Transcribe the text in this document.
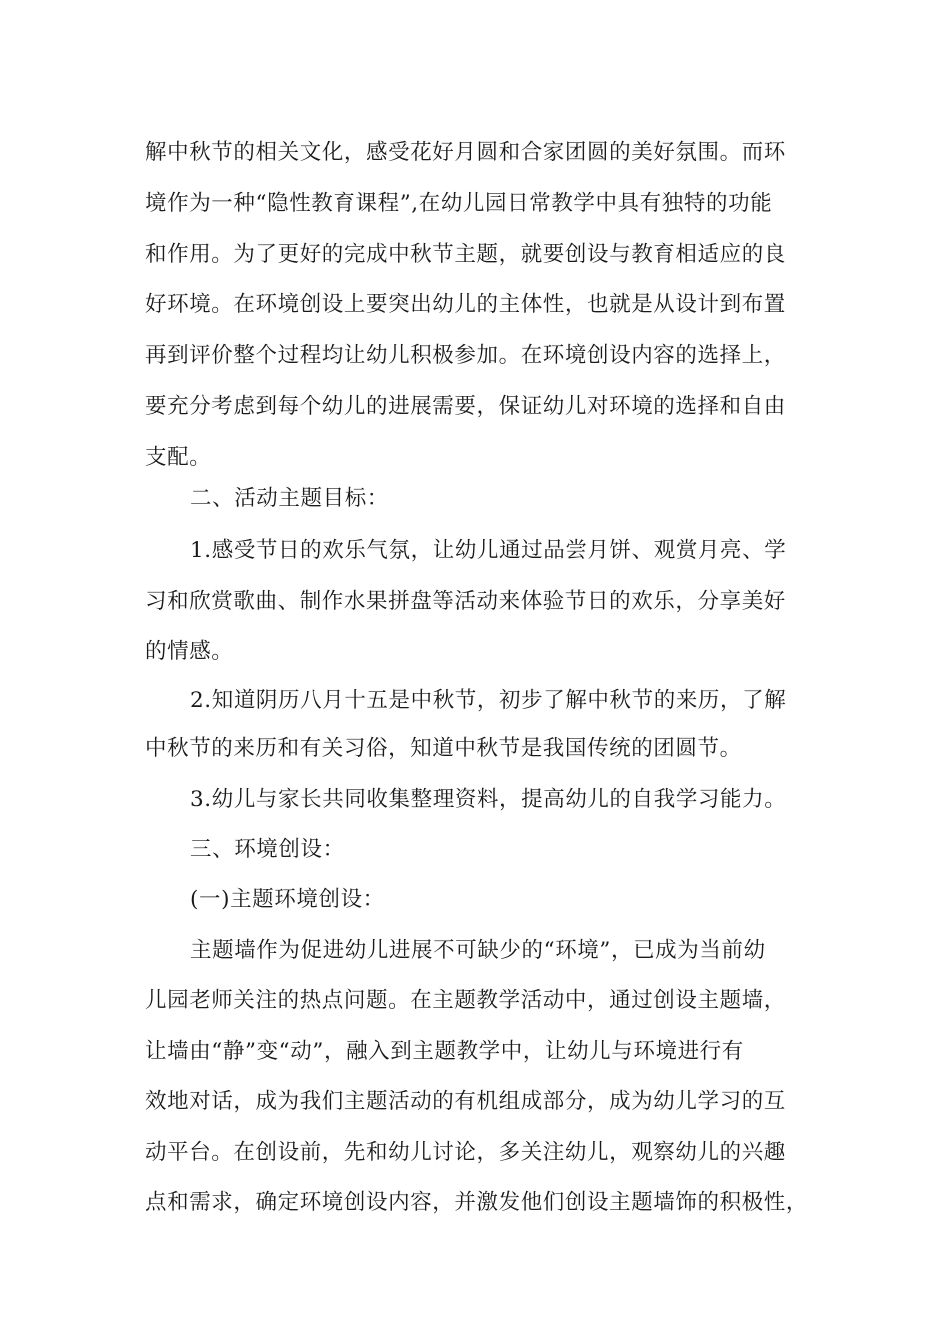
解中秋节的相关文化，感受花好月圆和合家团圆的美好氛围。而环

境作为一种“隐性教育课程”,在幼儿园日常教学中具有独特的功能

和作用。为了更好的完成中秋节主题，就要创设与教育相适应的良

好环境。在环境创设上要突出幼儿的主体性，也就是从设计到布置

再到评价整个过程均让幼儿积极参加。在环境创设内容的选择上，

要充分考虑到每个幼儿的进展需要，保证幼儿对环境的选择和自由

支配。

二、活动主题目标：

1.感受节日的欢乐气氛，让幼儿通过品尝月饼、观赏月亮、学

习和欣赏歌曲、制作水果拼盘等活动来体验节日的欢乐，分享美好

的情感。

2.知道阴历八月十五是中秋节，初步了解中秋节的来历，了解

中秋节的来历和有关习俗，知道中秋节是我国传统的团圆节。

3.幼儿与家长共同收集整理资料，提高幼儿的自我学习能力。

三、环境创设：

(一)主题环境创设：

主题墙作为促进幼儿进展不可缺少的“环境”，已成为当前幼

儿园老师关注的热点问题。在主题教学活动中，通过创设主题墙，

让墙由“静”变“动”，融入到主题教学中，让幼儿与环境进行有

效地对话，成为我们主题活动的有机组成部分，成为幼儿学习的互

动平台。在创设前，先和幼儿讨论，多关注幼儿，观察幼儿的兴趣

点和需求，确定环境创设内容，并激发他们创设主题墙饰的积极性，
